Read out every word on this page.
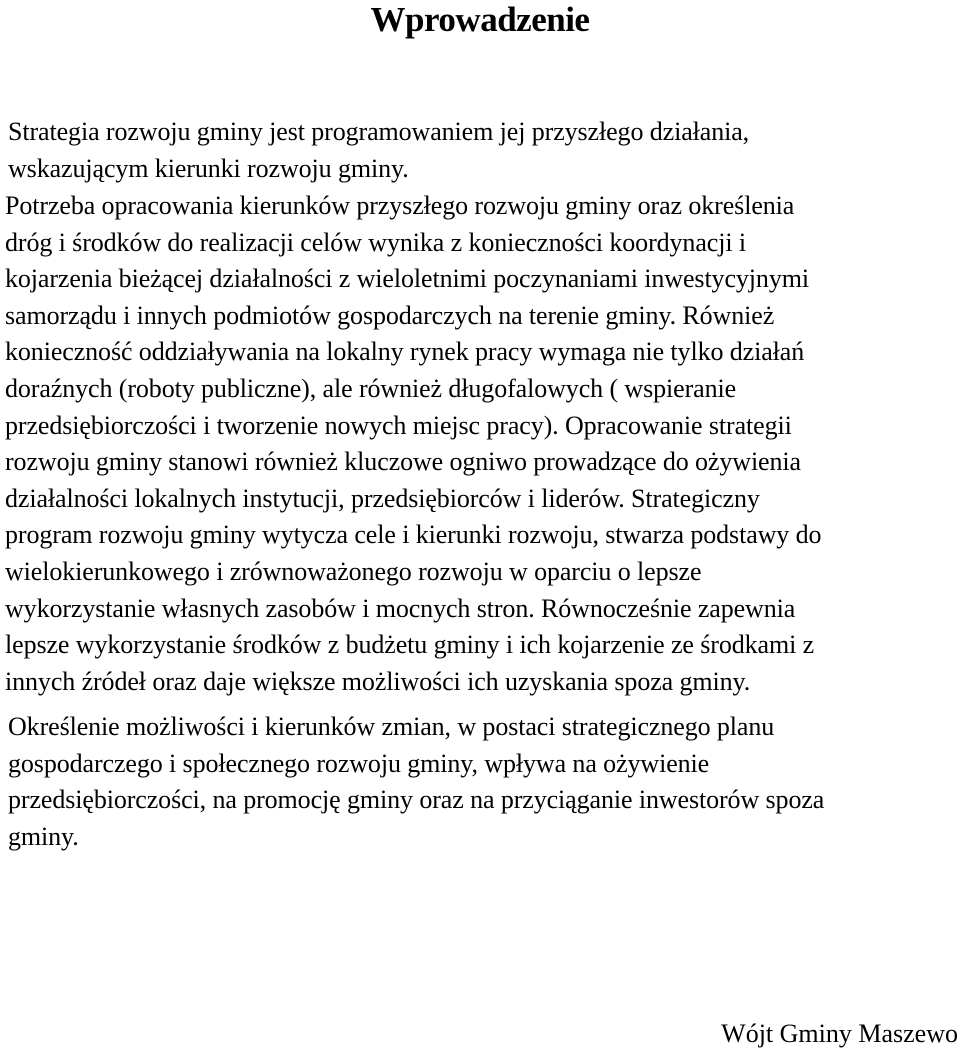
Wprowadzenie
Strategia rozwoju gminy jest programowaniem jej przyszłego działania,
wskazującym kierunki rozwoju gminy.
Potrzeba opracowania kierunków przyszłego rozwoju gminy oraz określenia
dróg i środków do realizacji celów wynika z konieczności koordynacji i
kojarzenia bieżącej działalności z wieloletnimi poczynaniami inwestycyjnymi
samorządu i innych podmiotów gospodarczych na terenie gminy. Również
konieczność oddziaływania na lokalny rynek pracy wymaga nie tylko działań
doraźnych (roboty publiczne), ale również długofalowych ( wspieranie
przedsiębiorczości i tworzenie nowych miejsc pracy). Opracowanie strategii
rozwoju gminy stanowi również kluczowe ogniwo prowadzące do ożywienia
działalności lokalnych instytucji, przedsiębiorców i liderów. Strategiczny
program rozwoju gminy wytycza cele i kierunki rozwoju, stwarza podstawy do
wielokierunkowego i zrównoważonego rozwoju w oparciu o lepsze
wykorzystanie własnych zasobów i mocnych stron. Równocześnie zapewnia
lepsze wykorzystanie środków z budżetu gminy i ich kojarzenie ze środkami z
innych źródeł oraz daje większe możliwości ich uzyskania spoza gminy.
Określenie możliwości i kierunków zmian, w postaci strategicznego planu
gospodarczego i społecznego rozwoju gminy, wpływa na ożywienie
przedsiębiorczości, na promocję gminy oraz na przyciąganie inwestorów spoza
gminy.
Wójt Gminy Maszewo
